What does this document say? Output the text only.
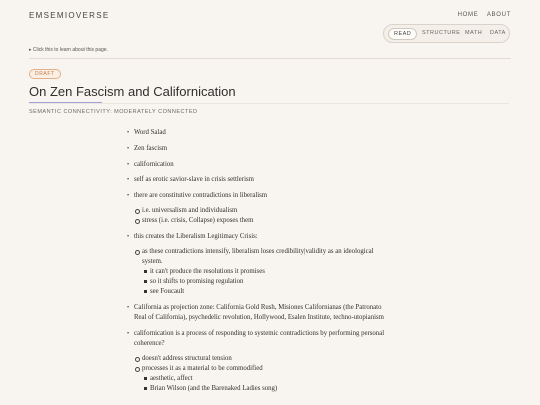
EMSEMIOVERSE	HOME ABOUT
READ	STRUCTURE MATH DATA
▸ Click this to learn about this page.
DRAFT
On Zen Fascism and Californication
SEMANTIC CONNECTIVITY: MODERATELY CONNECTED
• Word Salad
• Zen fascism
• californication
• self as erotic savior-slave in crisis settlerism
• there are constitutive contradictions in liberalism
i.e. universalism and individualism
stress (i.e. crisis, Collapse) exposes them
• this creates the Liberalism Legitimacy Crisis:
as these contradictions intensify, liberalism loses credibility|validity as an ideological
system.
it can't produce the resolutions it promises
so it shifts to promising regulation
see Foucault
• California as projection zone: California Gold Rush, Misiones Californianas (the Patronato
Real of California), psychedelic revolution, Hollywood, Esalen Institute, techno-utopianism
• californication is a process of responding to systemic contradictions by performing personal
coherence?
doesn't address structural tension
processes it as a material to be commodified
aesthetic, affect
Brian Wilson (and the Barenaked Ladies song)
